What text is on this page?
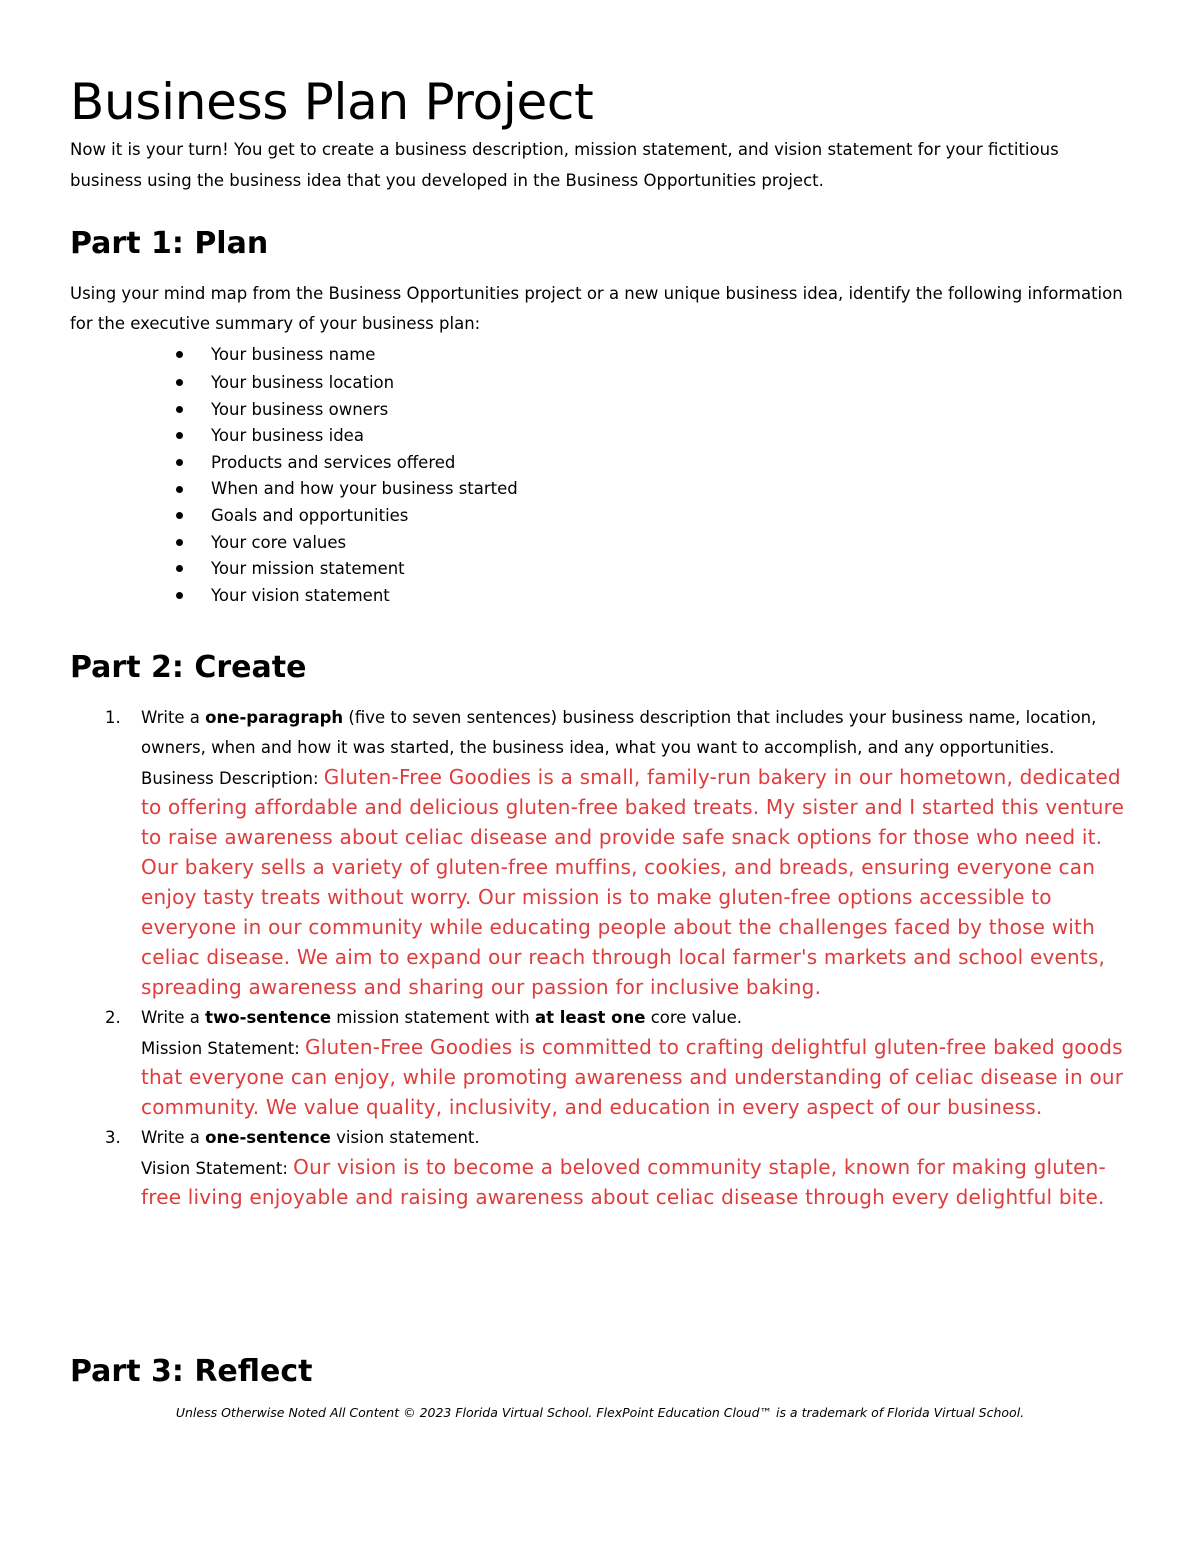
Business Plan Project

Now it is your turn! You get to create a business description, mission statement, and vision statement for your fictitious business using the business idea that you developed in the Business Opportunities project.

Part 1: Plan

Using your mind map from the Business Opportunities project or a new unique business idea, identify the following information for the executive summary of your business plan:

Your business name
Your business location
Your business owners
Your business idea
Products and services offered
When and how your business started
Goals and opportunities
Your core values
Your mission statement
Your vision statement
Part 2: Create
1. Write a one-paragraph (five to seven sentences) business description that includes your business name, location, owners, when and how it was started, the business idea, what you want to accomplish, and any opportunities.

Business Description: Gluten-Free Goodies is a small, family-run bakery in our hometown, dedicated to offering affordable and delicious gluten-free baked treats. My sister and I started this venture to raise awareness about celiac disease and provide safe snack options for those who need it. Our bakery sells a variety of gluten-free muffins, cookies, and breads, ensuring everyone can enjoy tasty treats without worry. Our mission is to make gluten-free options accessible to everyone in our community while educating people about the challenges faced by those with celiac disease. We aim to expand our reach through local farmer's markets and school events, spreading awareness and sharing our passion for inclusive baking.

2. Write a two-sentence mission statement with at least one core value.

Mission Statement: Gluten-Free Goodies is committed to crafting delightful gluten-free baked goods that everyone can enjoy, while promoting awareness and understanding of celiac disease in our community. We value quality, inclusivity, and education in every aspect of our business.

3. Write a one-sentence vision statement.

Vision Statement: Our vision is to become a beloved community staple, known for making gluten-free living enjoyable and raising awareness about celiac disease through every delightful bite.

Part 3: Reflect

Unless Otherwise Noted All Content © 2023 Florida Virtual School. FlexPoint Education Cloud™ is a trademark of Florida Virtual School.
